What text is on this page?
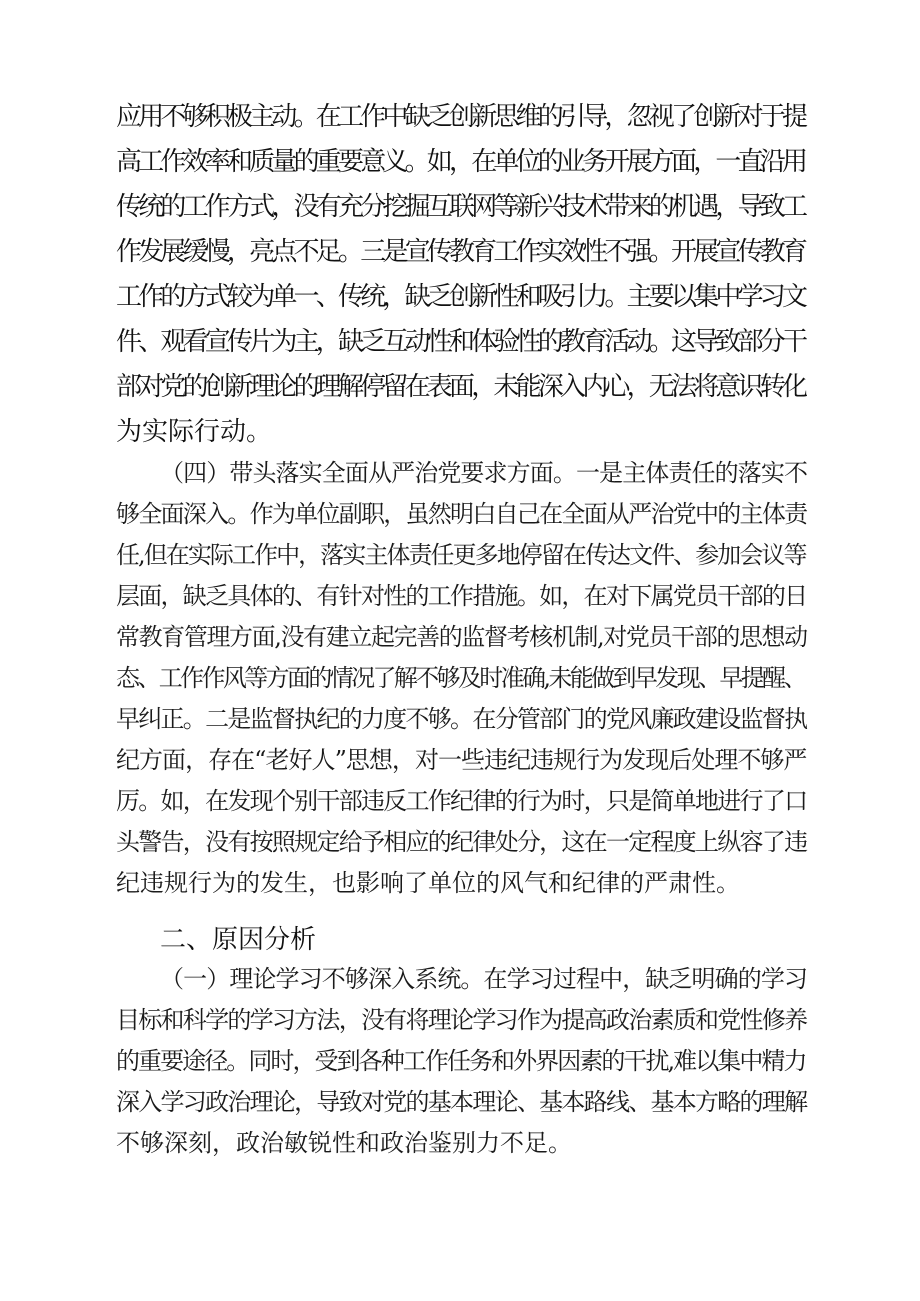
应用不够积极主动。在工作中缺乏创新思维的引导，忽视了创新对于提
高工作效率和质量的重要意义。如，在单位的业务开展方面，一直沿用
传统的工作方式，没有充分挖掘互联网等新兴技术带来的机遇，导致工
作发展缓慢，亮点不足。三是宣传教育工作实效性不强。开展宣传教育
工作的方式较为单一、传统，缺乏创新性和吸引力。主要以集中学习文
件、观看宣传片为主，缺乏互动性和体验性的教育活动。这导致部分干
部对党的创新理论的理解停留在表面，未能深入内心，无法将意识转化
为实际行动。
（四）带头落实全面从严治党要求方面。一是主体责任的落实不
够全面深入。作为单位副职，虽然明白自己在全面从严治党中的主体责
任,但在实际工作中，落实主体责任更多地停留在传达文件、参加会议等
层面，缺乏具体的、有针对性的工作措施。如，在对下属党员干部的日
常教育管理方面,没有建立起完善的监督考核机制,对党员干部的思想动
态、工作作风等方面的情况了解不够及时准确,未能做到早发现、早提醒、
早纠正。二是监督执纪的力度不够。在分管部门的党风廉政建设监督执
纪方面，存在“老好人”思想，对一些违纪违规行为发现后处理不够严
厉。如，在发现个别干部违反工作纪律的行为时，只是简单地进行了口
头警告，没有按照规定给予相应的纪律处分，这在一定程度上纵容了违
纪违规行为的发生，也影响了单位的风气和纪律的严肃性。
二、原因分析
（一）理论学习不够深入系统。在学习过程中，缺乏明确的学习
目标和科学的学习方法，没有将理论学习作为提高政治素质和党性修养
的重要途径。同时，受到各种工作任务和外界因素的干扰,难以集中精力
深入学习政治理论，导致对党的基本理论、基本路线、基本方略的理解
不够深刻，政治敏锐性和政治鉴别力不足。
